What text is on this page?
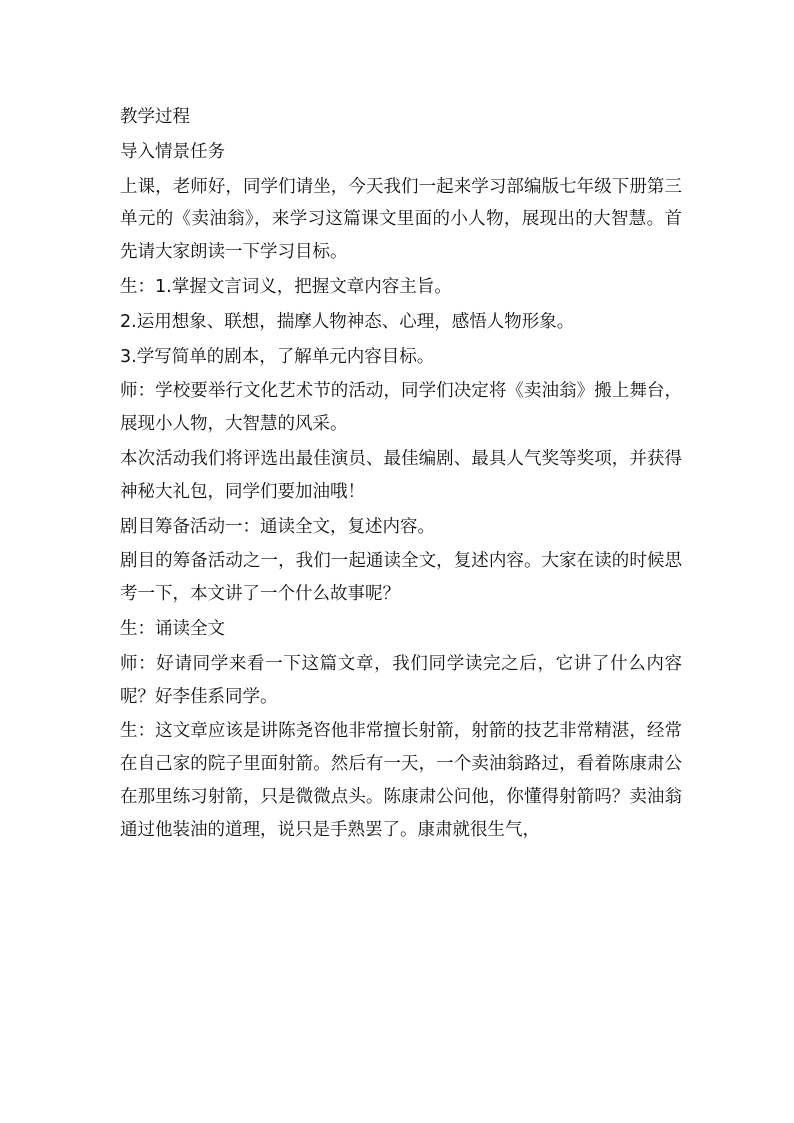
教学过程

导入情景任务

上课，老师好，同学们请坐，今天我们一起来学习部编版七年级下册第三单元的《卖油翁》，来学习这篇课文里面的小人物，展现出的大智慧。首先请大家朗读一下学习目标。

生：1.掌握文言词义，把握文章内容主旨。

2.运用想象、联想，揣摩人物神态、心理，感悟人物形象。

3.学写简单的剧本，了解单元内容目标。

师：学校要举行文化艺术节的活动，同学们决定将《卖油翁》搬上舞台，展现小人物，大智慧的风采。

本次活动我们将评选出最佳演员、最佳编剧、最具人气奖等奖项，并获得神秘大礼包，同学们要加油哦！

剧目筹备活动一：通读全文，复述内容。

剧目的筹备活动之一，我们一起通读全文，复述内容。大家在读的时候思考一下，本文讲了一个什么故事呢？

生：诵读全文

师：好请同学来看一下这篇文章，我们同学读完之后，它讲了什么内容呢？好李佳系同学。

生：这文章应该是讲陈尧咨他非常擅长射箭，射箭的技艺非常精湛，经常在自己家的院子里面射箭。然后有一天，一个卖油翁路过，看着陈康肃公在那里练习射箭，只是微微点头。陈康肃公问他，你懂得射箭吗？卖油翁通过他装油的道理，说只是手熟罢了。康肃就很生气，
